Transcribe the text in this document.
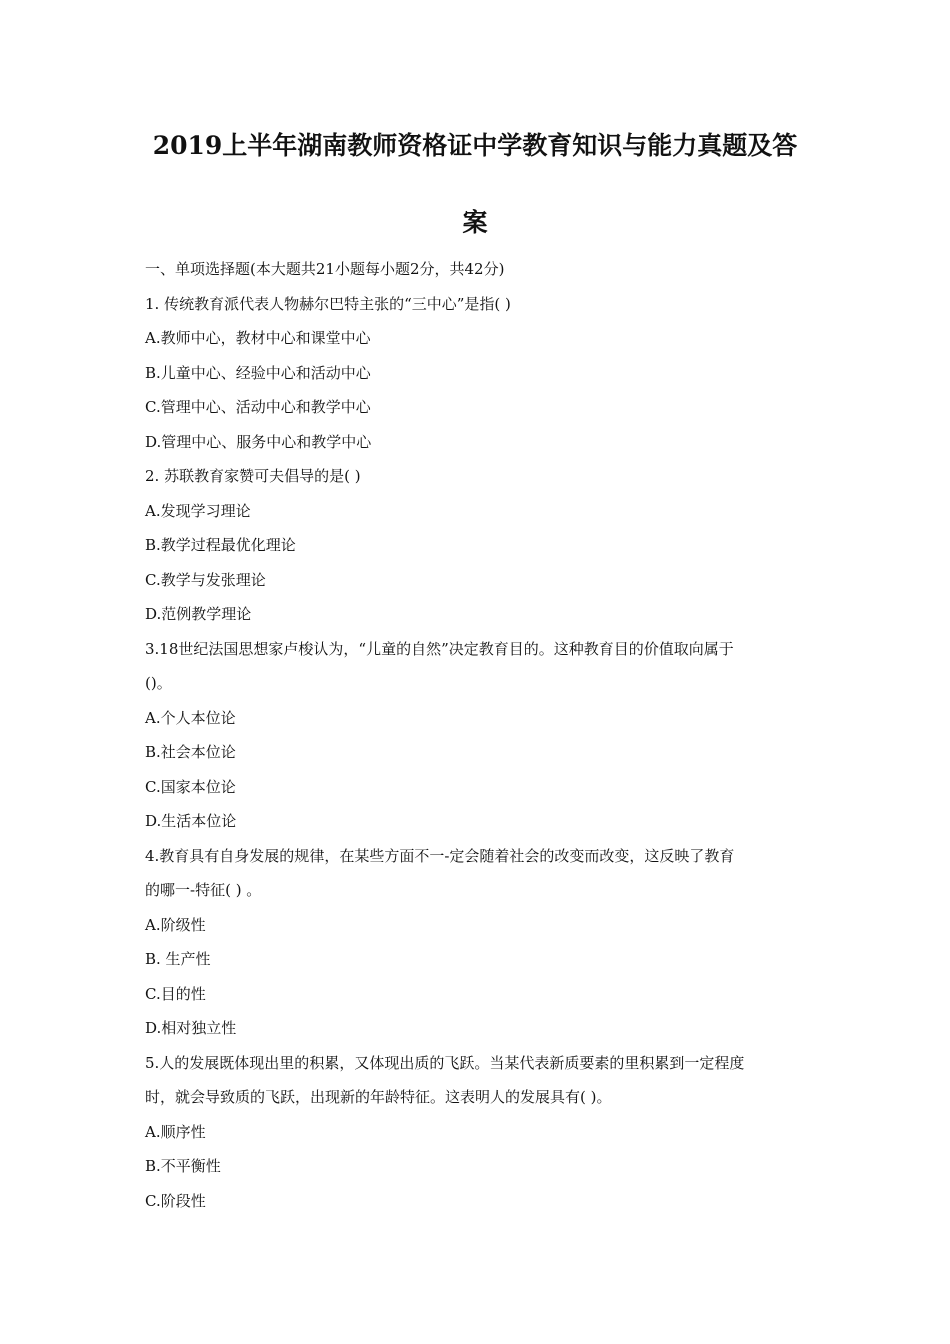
2019上半年湖南教师资格证中学教育知识与能力真题及答
案
一、单项选择题(本大题共21小题每小题2分，共42分)
1. 传统教育派代表人物赫尔巴特主张的“三中心”是指( )
A.教师中心，教材中心和课堂中心
B.儿童中心、经验中心和活动中心
C.管理中心、活动中心和教学中心
D.管理中心、服务中心和教学中心
2. 苏联教育家赞可夫倡导的是( )
A.发现学习理论
B.教学过程最优化理论
C.教学与发张理论
D.范例教学理论
3.18世纪法国思想家卢梭认为，“儿童的自然”决定教育目的。这种教育目的价值取向属于
()。
A.个人本位论
B.社会本位论
C.国家本位论
D.生活本位论
4.教育具有自身发展的规律，在某些方面不一-定会随着社会的改变而改变，这反映了教育
的哪一-特征( ) 。
A.阶级性
B. 生产性
C.目的性
D.相对独立性
5.人的发展既体现出里的积累，又体现出质的飞跃。当某代表新质要素的里积累到一定程度
时，就会导致质的飞跃，出现新的年龄特征。这表明人的发展具有( )。
A.顺序性
B.不平衡性
C.阶段性
